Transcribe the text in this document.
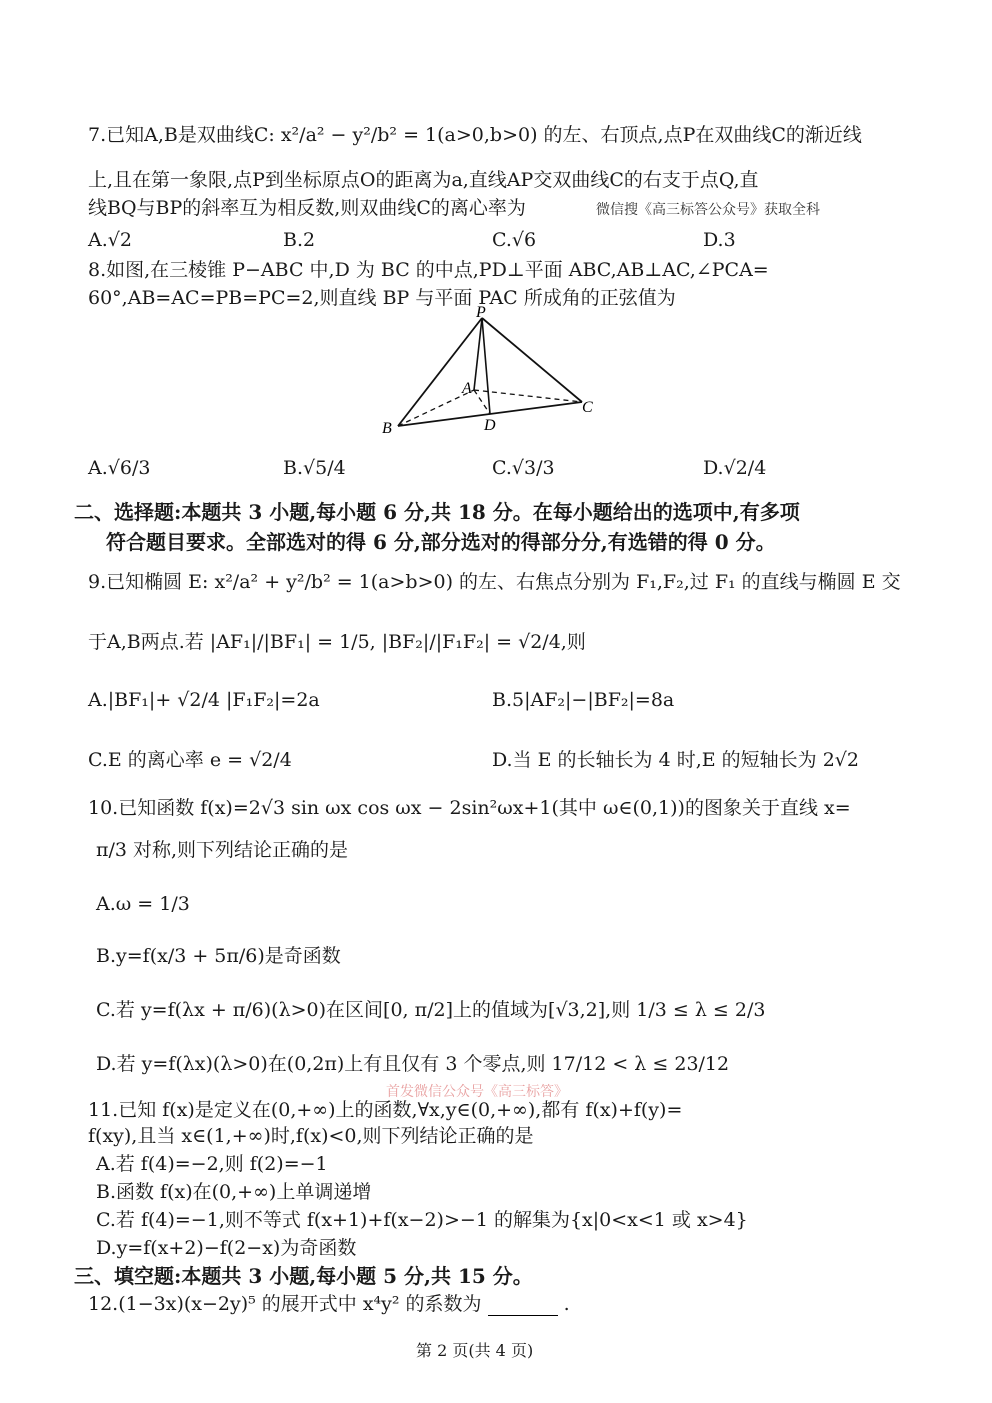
7.已知A,B是双曲线C: x²/a² − y²/b² = 1(a>0,b>0) 的左、右顶点,点P在双曲线C的渐近线
上,且在第一象限,点P到坐标原点O的距离为a,直线AP交双曲线C的右支于点Q,直
线BQ与BP的斜率互为相反数,则双曲线C的离心率为	微信搜《高三标答公众号》获取全科
A.√2	B.2	C.√6	D.3
8.如图,在三棱锥 P−ABC 中,D 为 BC 的中点,PD⊥平面 ABC,AB⊥AC,∠PCA=
60°,AB=AC=PB=PC=2,则直线 BP 与平面 PAC 所成角的正弦值为
P
A
B
C
D
A.√6/3	B.√5/4	C.√3/3	D.√2/4
二、选择题:本题共 3 小题,每小题 6 分,共 18 分。在每小题给出的选项中,有多项
符合题目要求。全部选对的得 6 分,部分选对的得部分分,有选错的得 0 分。
9.已知椭圆 E: x²/a² + y²/b² = 1(a>b>0) 的左、右焦点分别为 F₁,F₂,过 F₁ 的直线与椭圆 E 交
于A,B两点.若 |AF₁|/|BF₁| = 1/5, |BF₂|/|F₁F₂| = √2/4,则
A.|BF₁|+ √2/4 |F₁F₂|=2a	B.5|AF₂|−|BF₂|=8a
C.E 的离心率 e = √2/4	D.当 E 的长轴长为 4 时,E 的短轴长为 2√2
10.已知函数 f(x)=2√3 sin ωx cos ωx − 2sin²ωx+1(其中 ω∈(0,1))的图象关于直线 x=
π/3 对称,则下列结论正确的是
A.ω = 1/3
B.y=f(x/3 + 5π/6)是奇函数
C.若 y=f(λx + π/6)(λ>0)在区间[0, π/2]上的值域为[√3,2],则 1/3 ≤ λ ≤ 2/3
D.若 y=f(λx)(λ>0)在(0,2π)上有且仅有 3 个零点,则 17/12 < λ ≤ 23/12
首发微信公众号《高三标答》
11.已知 f(x)是定义在(0,+∞)上的函数,∀x,y∈(0,+∞),都有 f(x)+f(y)=
f(xy),且当 x∈(1,+∞)时,f(x)<0,则下列结论正确的是
A.若 f(4)=−2,则 f(2)=−1
B.函数 f(x)在(0,+∞)上单调递增
C.若 f(4)=−1,则不等式 f(x+1)+f(x−2)>−1 的解集为{x|0<x<1 或 x>4}
D.y=f(x+2)−f(2−x)为奇函数
三、填空题:本题共 3 小题,每小题 5 分,共 15 分。
12.(1−3x)(x−2y)⁵ 的展开式中 x⁴y² 的系数为	.
第 2 页(共 4 页)
